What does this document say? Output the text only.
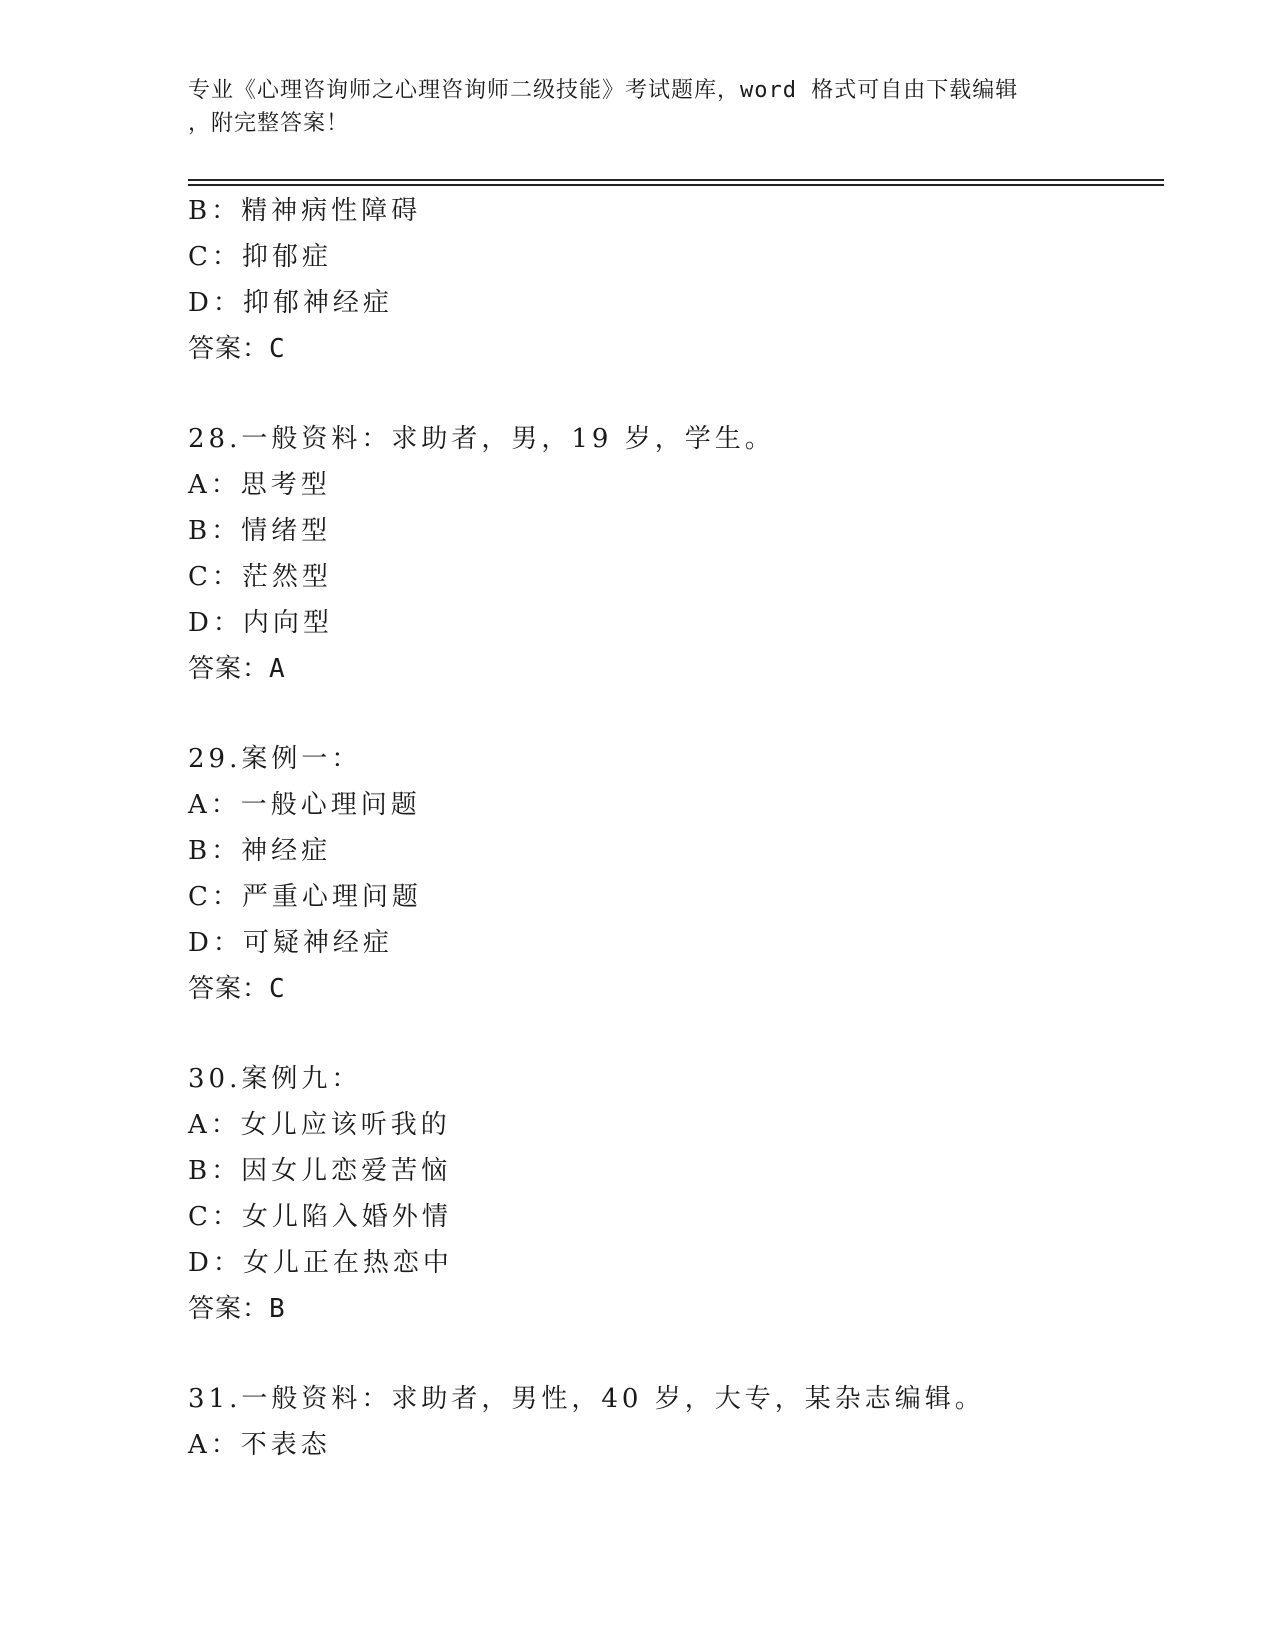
专业《心理咨询师之心理咨询师二级技能》考试题库，word 格式可自由下载编辑
，附完整答案！
B：精神病性障碍
C：抑郁症
D：抑郁神经症
答案：C
28.一般资料：求助者，男，19 岁，学生。
A：思考型
B：情绪型
C：茫然型
D：内向型
答案：A
29.案例一：
A：一般心理问题
B：神经症
C：严重心理问题
D：可疑神经症
答案：C
30.案例九：
A：女儿应该听我的
B：因女儿恋爱苦恼
C：女儿陷入婚外情
D：女儿正在热恋中
答案：B
31.一般资料：求助者，男性，40 岁，大专，某杂志编辑。
A：不表态
